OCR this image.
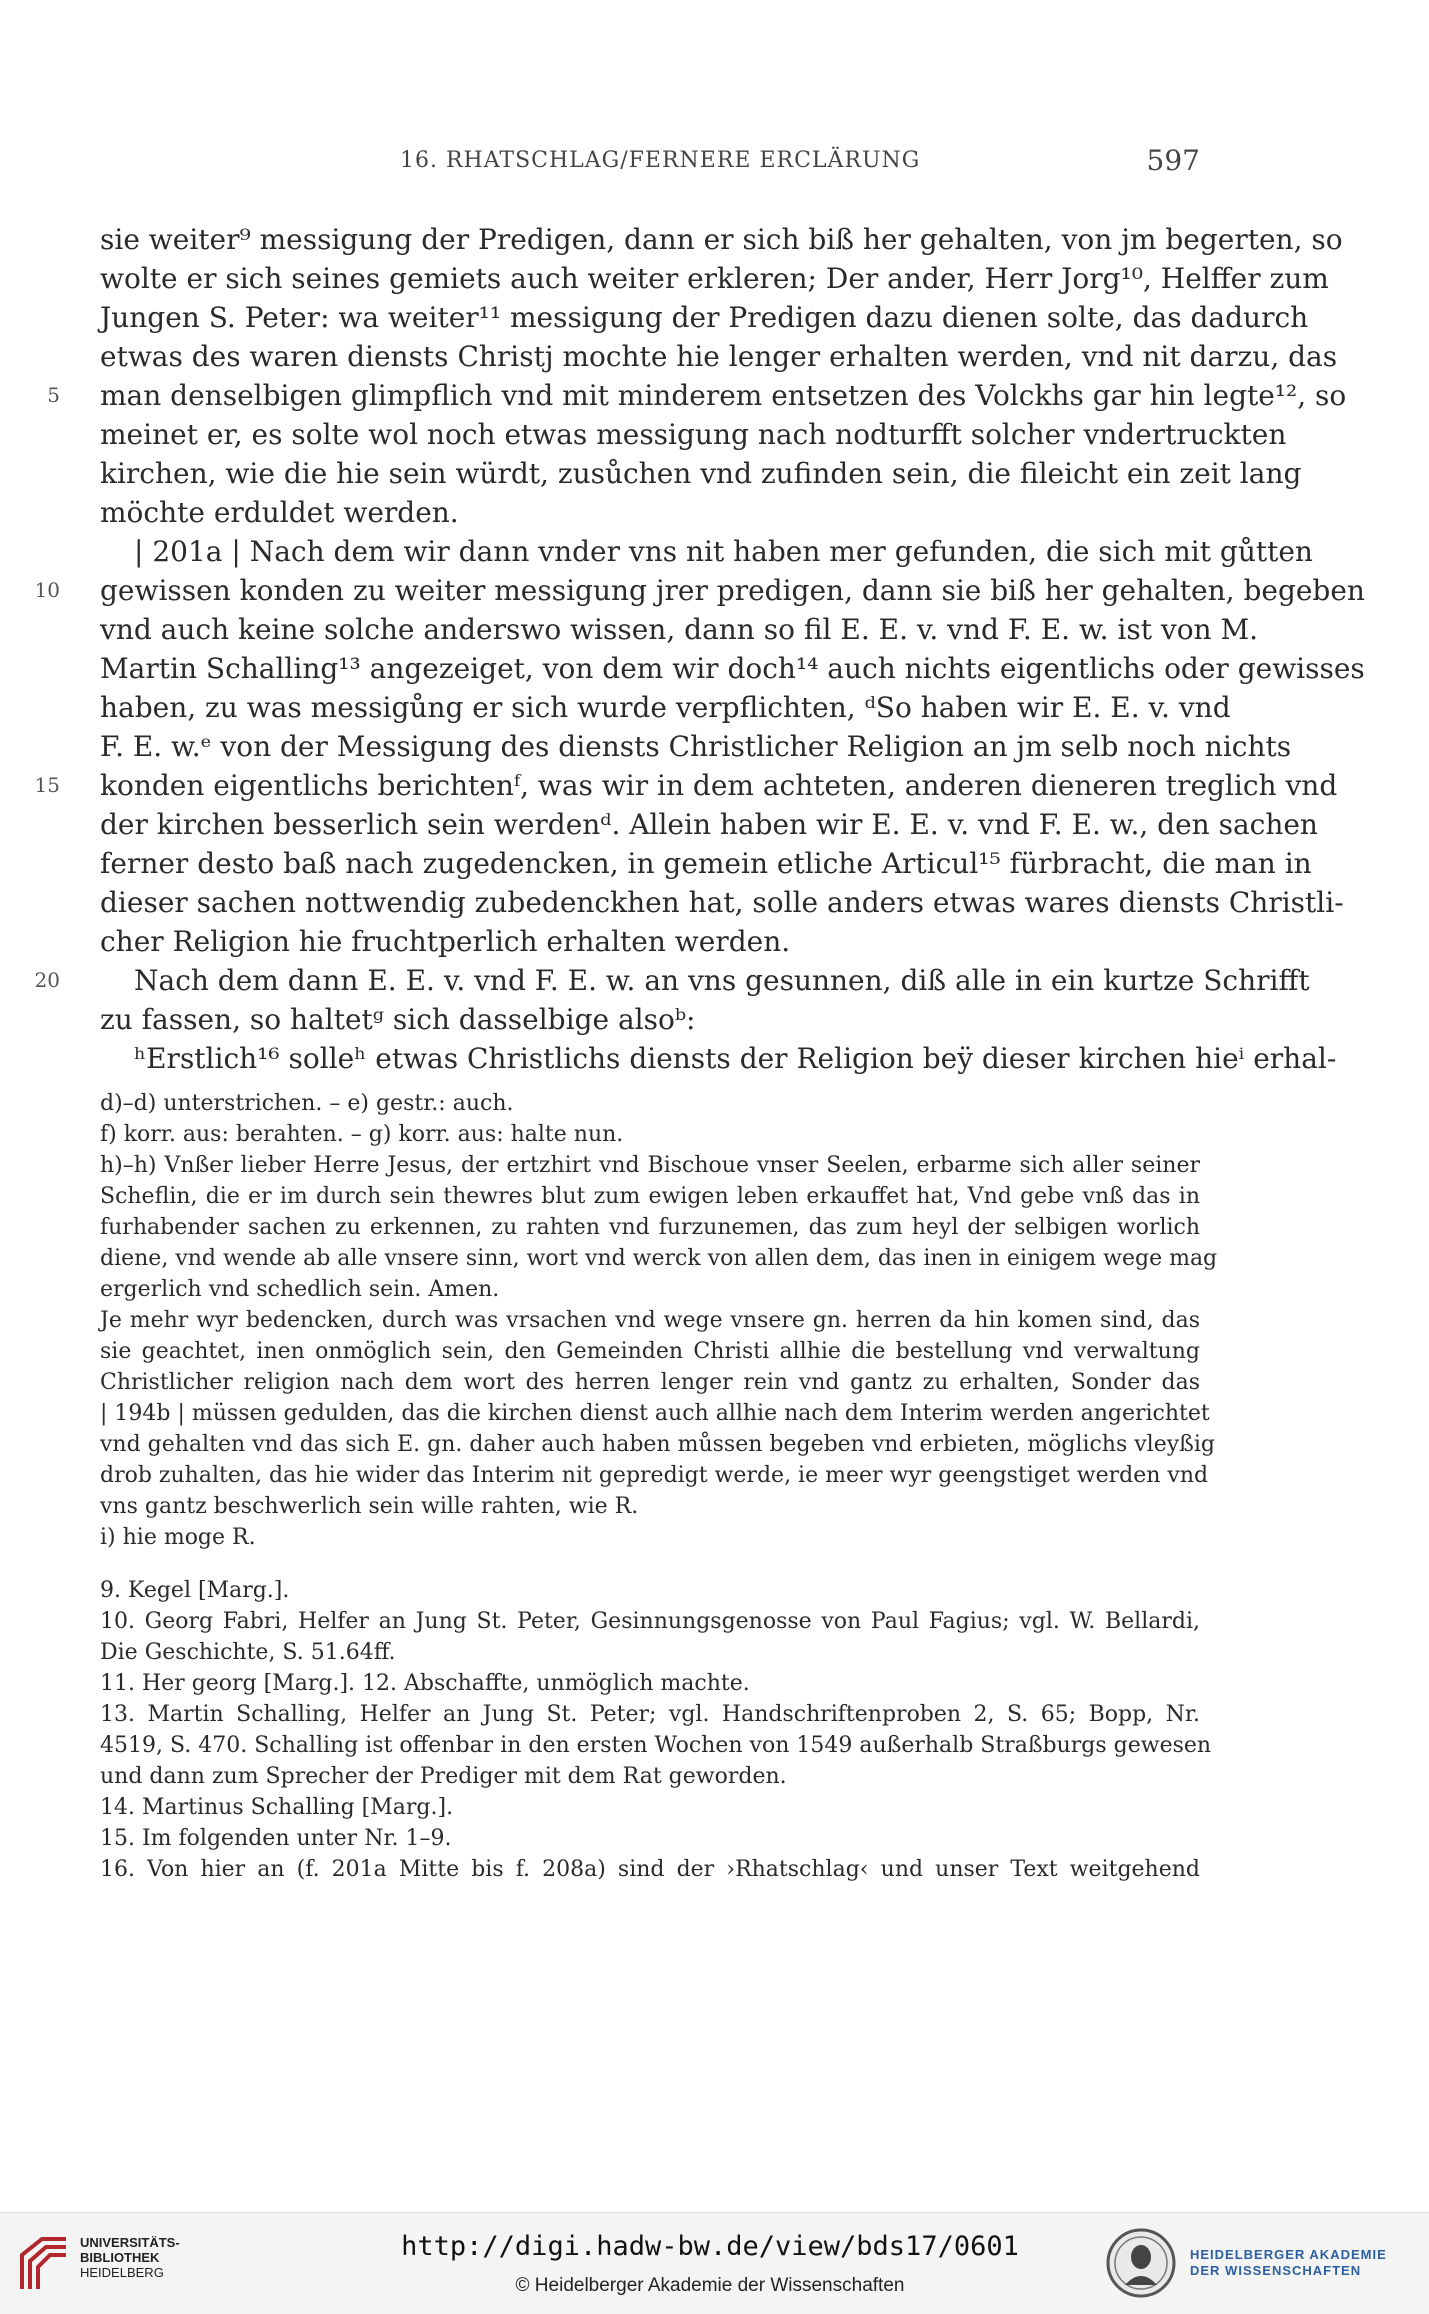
16. RHATSCHLAG/FERNERE ERCLÄRUNG	597
sie weiter⁹ messigung der Predigen, dann er sich biß her gehalten, von jm begerten, so
wolte er sich seines gemiets auch weiter erkleren; Der ander, Herr Jorg¹⁰, Helffer zum
Jungen S. Peter: wa weiter¹¹ messigung der Predigen dazu dienen solte, das dadurch
etwas des waren diensts Christj mochte hie lenger erhalten werden, vnd nit darzu, das
5 man denselbigen glimpflich vnd mit minderem entsetzen des Volckhs gar hin legte¹², so
meinet er, es solte wol noch etwas messigung nach nodturfft solcher vndertruckten
kirchen, wie die hie sein würdt, zusůchen vnd zufinden sein, die fileicht ein zeit lang
möchte erduldet werden.
| 201a | Nach dem wir dann vnder vns nit haben mer gefunden, die sich mit gůtten
10 gewissen konden zu weiter messigung jrer predigen, dann sie biß her gehalten, begeben
vnd auch keine solche anderswo wissen, dann so fil E. E. v. vnd F. E. w. ist von M.
Martin Schalling¹³ angezeiget, von dem wir doch¹⁴ auch nichts eigentlichs oder gewisses
haben, zu was messigůng er sich wurde verpflichten, ᵈSo haben wir E. E. v. vnd
F. E. w.ᵉ von der Messigung des diensts Christlicher Religion an jm selb noch nichts
15 konden eigentlichs berichtenᶠ, was wir in dem achteten, anderen dieneren treglich vnd
der kirchen besserlich sein werdenᵈ. Allein haben wir E. E. v. vnd F. E. w., den sachen
ferner desto baß nach zugedencken, in gemein etliche Articul¹⁵ fürbracht, die man in
dieser sachen nottwendig zubedenckhen hat, solle anders etwas wares diensts Christli-
cher Religion hie fruchtperlich erhalten werden.
20	Nach dem dann E. E. v. vnd F. E. w. an vns gesunnen, diß alle in ein kurtze Schrifft
zu fassen, so haltetᵍ sich dasselbige alsoᵇ:
ʰErstlich¹⁶ solleʰ etwas Christlichs diensts der Religion beÿ dieser kirchen hieⁱ erhal-
d)–d) unterstrichen. – e) gestr.: auch.
f) korr. aus: berahten. – g) korr. aus: halte nun.
h)–h) Vnßer lieber Herre Jesus, der ertzhirt vnd Bischoue vnser Seelen, erbarme sich aller seiner
Scheflin, die er im durch sein thewres blut zum ewigen leben erkauffet hat, Vnd gebe vnß das in
furhabender sachen zu erkennen, zu rahten vnd furzunemen, das zum heyl der selbigen worlich
diene, vnd wende ab alle vnsere sinn, wort vnd werck von allen dem, das inen in einigem wege mag
ergerlich vnd schedlich sein. Amen.
Je mehr wyr bedencken, durch was vrsachen vnd wege vnsere gn. herren da hin komen sind, das
sie geachtet, inen onmöglich sein, den Gemeinden Christi allhie die bestellung vnd verwaltung
Christlicher religion nach dem wort des herren lenger rein vnd gantz zu erhalten, Sonder das
| 194b | müssen gedulden, das die kirchen dienst auch allhie nach dem Interim werden angerichtet
vnd gehalten vnd das sich E. gn. daher auch haben můssen begeben vnd erbieten, möglichs vleyßig
drob zuhalten, das hie wider das Interim nit gepredigt werde, ie meer wyr geengstiget werden vnd
vns gantz beschwerlich sein wille rahten, wie R.
i) hie moge R.
9. Kegel [Marg.].
10. Georg Fabri, Helfer an Jung St. Peter, Gesinnungsgenosse von Paul Fagius; vgl. W. Bellardi,
Die Geschichte, S. 51.64ff.
11. Her georg [Marg.]. 12. Abschaffte, unmöglich machte.
13. Martin Schalling, Helfer an Jung St. Peter; vgl. Handschriftenproben 2, S. 65; Bopp, Nr.
4519, S. 470. Schalling ist offenbar in den ersten Wochen von 1549 außerhalb Straßburgs gewesen
und dann zum Sprecher der Prediger mit dem Rat geworden.
14. Martinus Schalling [Marg.].
15. Im folgenden unter Nr. 1–9.
16. Von hier an (f. 201a Mitte bis f. 208a) sind der ›Rhatschlag‹ und unser Text weitgehend
UNIVERSITÄTS-
BIBLIOTHEK
HEIDELBERG
http://digi.hadw-bw.de/view/bds17/0601
© Heidelberger Akademie der Wissenschaften
HEIDELBERGER AKADEMIE
DER WISSENSCHAFTEN
